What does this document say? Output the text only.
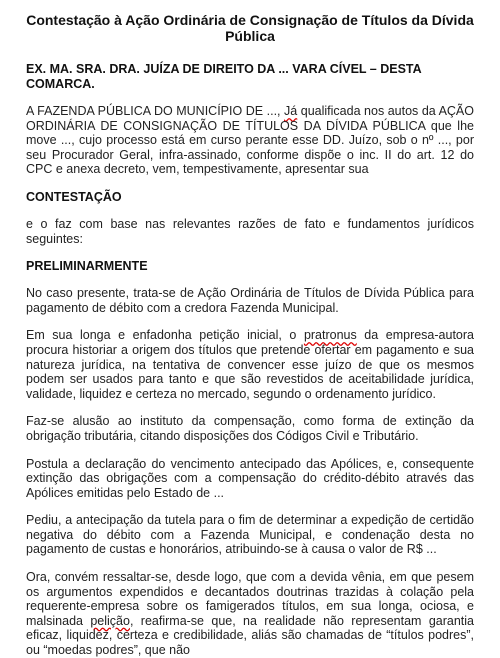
Contestação à Ação Ordinária de Consignação de Títulos da Dívida Pública
EX. MA. SRA. DRA. JUÍZA DE DIREITO DA ... VARA CÍVEL – DESTA COMARCA.

A FAZENDA PÚBLICA DO MUNICÍPIO DE ..., Já qualificada nos autos da AÇÃO ORDINÁRIA DE CONSIGNAÇÃO DE TÍTULOS DA DÍVIDA PÚBLICA que lhe move ..., cujo processo está em curso perante esse DD. Juízo, sob o nº ..., por seu Procurador Geral, infra-assinado, conforme dispõe o inc. II do art. 12 do CPC e anexa decreto, vem, tempestivamente, apresentar sua

CONTESTAÇÃO

e o faz com base nas relevantes razões de fato e fundamentos jurídicos seguintes:

PRELIMINARMENTE

No caso presente, trata-se de Ação Ordinária de Títulos de Dívida Pública para pagamento de débito com a credora Fazenda Municipal.

Em sua longa e enfadonha petição inicial, o pratronus da empresa-autora procura historiar a origem dos títulos que pretende ofertar em pagamento e sua natureza jurídica, na tentativa de convencer esse juízo de que os mesmos podem ser usados para tanto e que são revestidos de aceitabilidade jurídica, validade, liquidez e certeza no mercado, segundo o ordenamento jurídico.

Faz-se alusão ao instituto da compensação, como forma de extinção da obrigação tributária, citando disposições dos Códigos Civil e Tributário.

Postula a declaração do vencimento antecipado das Apólices, e, consequente extinção das obrigações com a compensação do crédito-débito através das Apólices emitidas pelo Estado de ...

Pediu, a antecipação da tutela para o fim de determinar a expedição de certidão negativa do débito com a Fazenda Municipal, e condenação desta no pagamento de custas e honorários, atribuindo-se à causa o valor de R$ ...

Ora, convém ressaltar-se, desde logo, que com a devida vênia, em que pesem os argumentos expendidos e decantados doutrinas trazidas à colação pela requerente-empresa sobre os famigerados títulos, em sua longa, ociosa, e malsinada pelição, reafirma-se que, na realidade não representam garantia eficaz, liquidez, certeza e credibilidade, aliás são chamadas de “títulos podres”, ou “moedas podres”, que não
